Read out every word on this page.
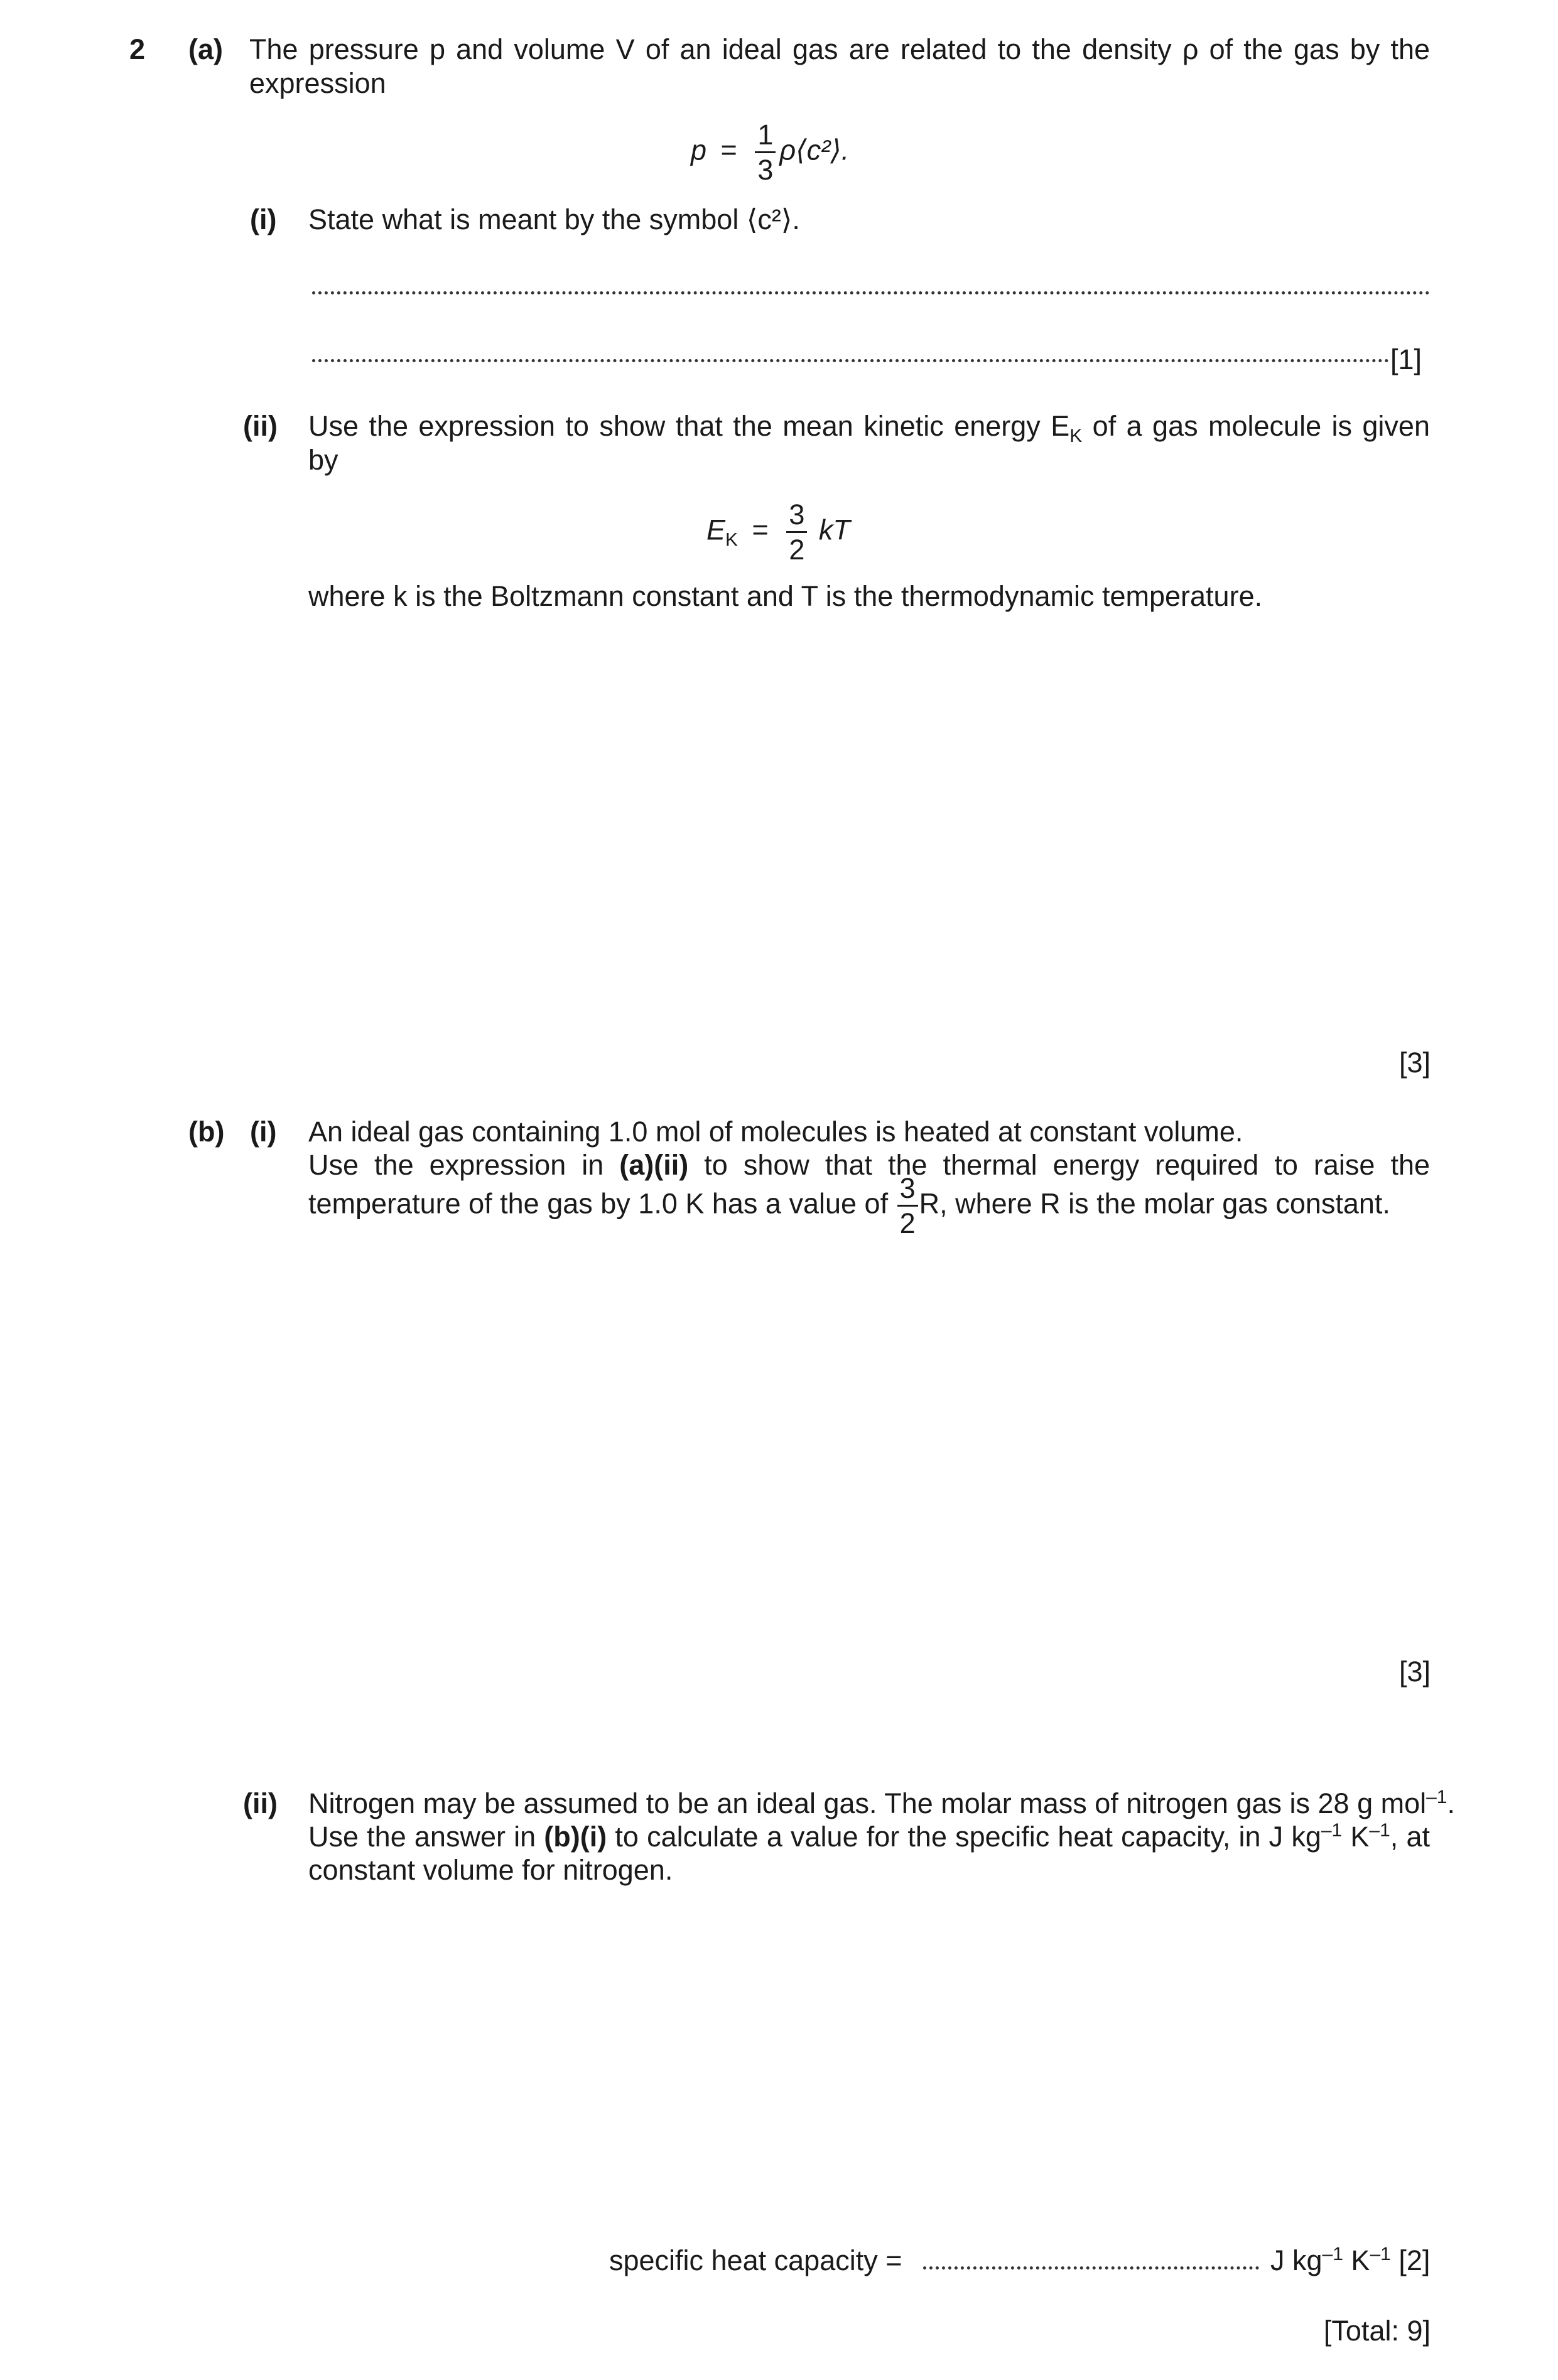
2 (a) The pressure p and volume V of an ideal gas are related to the density ρ of the gas by the
expression
$p = \frac{1}{3}$ ρ⟨c²⟩.
(i) State what is meant by the symbol ⟨c²⟩.
[1]
(ii) Use the expression to show that the mean kinetic energy $E_K$ of a gas molecule is given
by
$E_K = \frac{3}{2}$ kT
where k is the Boltzmann constant and T is the thermodynamic temperature.
[3]
(b) (i) An ideal gas containing 1.0 mol of molecules is heated at constant volume.
Use the expression in (a)(ii) to show that the thermal energy required to raise the
temperature of the gas by 1.0 K has a value of $\frac{3}{2} R$, where R is the molar gas constant.
[3]
(ii) Nitrogen may be assumed to be an ideal gas. The molar mass of nitrogen gas is 28 g mol$^{-1}$.
Use the answer in (b)(i) to calculate a value for the specific heat capacity, in J $kg^{-1}$ $K^{-1}$, at
constant volume for nitrogen.
specific heat capacity =	J $kg^{-1}$ $K^{-1}$ [2]
[Total: 9]
